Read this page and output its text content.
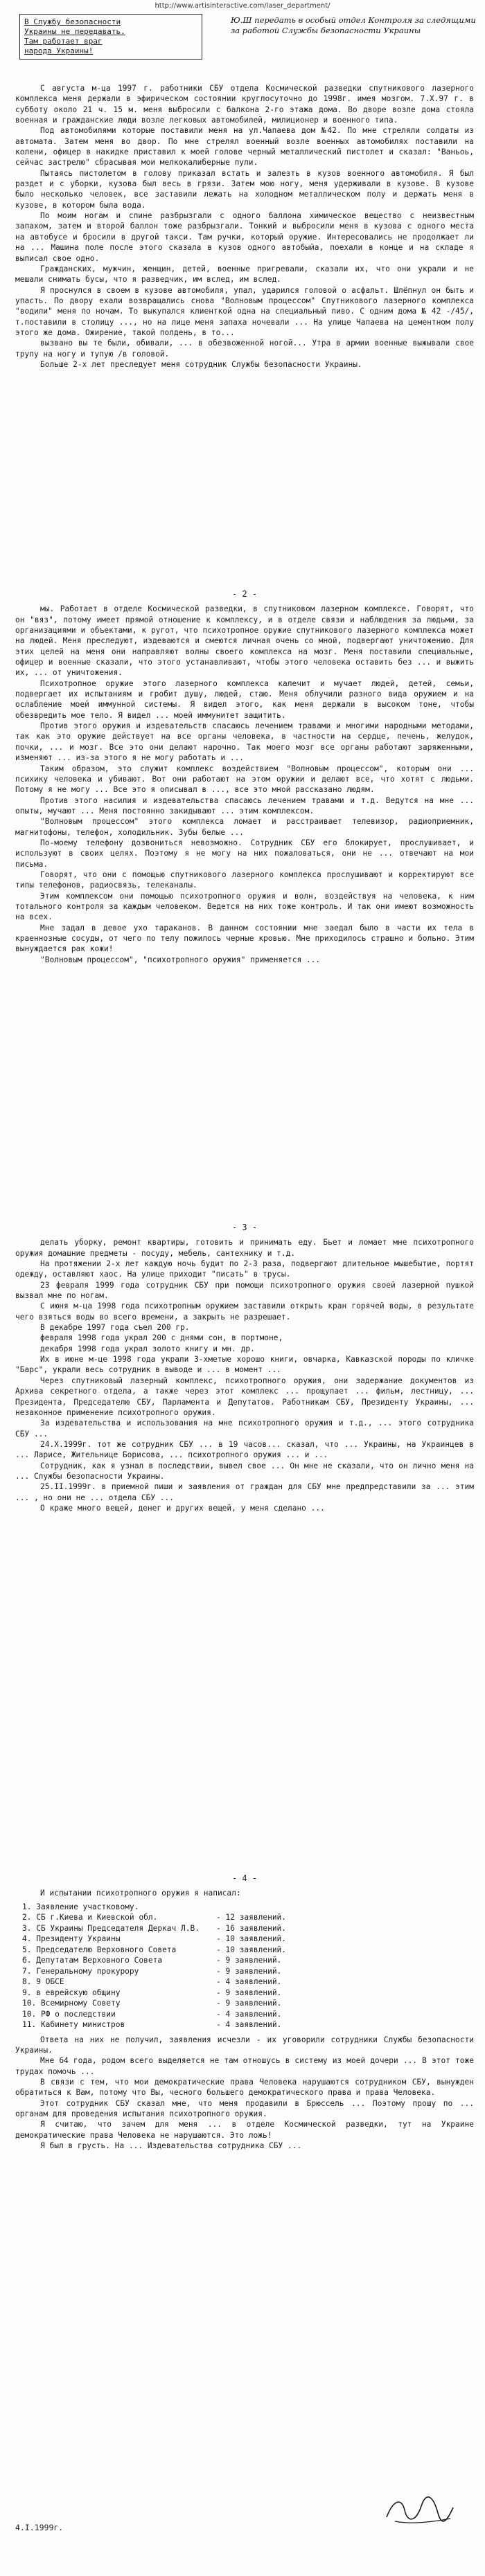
http://www.artisinteractive.com/laser_department/
В Службу безопасности
Украины не передавать.
Там работает враг
народа Украины!
Ю.Ш передать в особый отдел Контроля за следящими за работой Службы безопасности Украины

С августа м-ца 1997 г. работники СБУ отдела Космической разведки спутникового лазерного комплекса меня держали в эфирическом состоянии круглосуточно до 1998г. имея мозгом. 7.Х.97 г. в субботу около 21 ч. 15 м. меня выбросили с балкона 2-го этажа дома. Во дворе возле дома стояла военная и гражданские люди возле легковых автомобилей, милиционер и военного типа.

Под автомобилями которые поставили меня на ул.Чапаева дом №42. По мне стреляли солдаты из автомата. Затем меня во двор. По мне стрелял военный возле военных автомобилях поставили на колени, офицер в накидке приставил к моей голове черный металлический пистолет и сказал: "Ваньоь, сейчас застрелю" сбрасывая мои мелкокалиберные пули.

Пытаясь пистолетом в голову приказал встать и залезть в кузов военного автомобиля. Я был раздет и с уборки, кузова был весь в грязи. Затем мою ногу, меня удерживали в кузове. В кузове было несколько человек, все заставили лежать на холодном металлическом полу и держать меня в кузове, в котором была вода.

По моим ногам и спине разбрызгали с одного баллона химическое вещество с неизвестным запахом, затем и второй баллон тоже разбрызгали. Тонкий и выбросили меня в кузова с одного места на автобусе и бросили в другой такси. Там ручки, который оружие. Интересовались не продолжает ли на ... Машина поле после этого сказала в кузов одного автобыйа, поехали в конце и на складе я выписал свое одно.

Гражданских, мужчин, женщин, детей, военные пригревали, сказали их, что они украли и не мешали снимать бусы, что я разведчик, им вслед, им вслед.

Я проснулся в своем в кузове автомобиля, упал, ударился головой о асфальт. Шлёпнул он быть и упасть. По двору ехали возвращались снова "Волновым процессом" Спутникового лазерного комплекса "водили" меня по ночам. То выкупался клиенткой одна на специальный пиво. С одним дома № 42 -/45/, т.поставили в столицу ..., но на лице меня запаха ночевали ... На улице Чапаева на цементном полу этого же дома. Ожирение, такой полдень, в то...

вызвано вы те были, обивали, ... в обезвоженной ногой... Утра в армии военные выжывали свое трупу на ногу и тупую /в головой.

Больше 2-х лет преследует меня сотрудник Службы безопасности Украины.

- 2 -

мы. Работает в отделе Космической разведки, в спутниковом лазерном комплексе. Говорят, что он "вяз", потому имеет прямой отношение к комплексу, и в отделе связи и наблюдения за людьми, за организациями и объектами, к ругот, что психотропное оружие спутникового лазерного комплекса может на людей. Меня преследуют, издеваются и смеются личная очень со мной, подвергают уничтожению. Для этих целей на меня они направляют волны своего комплекса на мозг. Меня поставили специальные, офицер и военные сказали, что этого устанавливают, чтобы этого человека оставить без ... и выжить их, ... от уничтожения.

Психотропное оружие этого лазерного комплекса калечит и мучает людей, детей, семьи, подвергает их испытаниям и гробит душу, людей, стаю. Меня облучили разного вида оружием и на ослабление моей иммунной системы. Я видел этого, как меня держали в высоком тоне, чтобы обезвредить мое тело. Я видел ... моей иммунитет защитить.

Против этого оружия и издевательств спасаюсь лечением травами и многими народными методами, так как это оружие действует на все органы человека, в частности на сердце, печень, желудок, почки, ... и мозг. Все это они делают нарочно. Так моего мозг все органы работают заряженными, изменяют ... из-за этого я не могу работать и ...

Таким образом, это служит комплекс воздействием "Волновым процессом", которым они ... психику человека и убивают. Вот они работают на этом оружии и делают все, что хотят с людьми. Потому я не могу ... Все это я описывал в ..., все это мной рассказано людям.

Против этого насилия и издевательства спасаюсь лечением травами и т.д. Ведутся на мне ... опыты, мучают ... Меня постоянно закидывают ... этим комплексом.

"Волновым процессом" этого комплекса ломает и расстраивает телевизор, радиоприемник, магнитофоны, телефон, холодильник. Зубы белые ...

По-моему телефону дозвониться невозможно. Сотрудник СБУ его блокирует, прослушивает, и используют в своих целях. Поэтому я не могу на них пожаловаться, они не ... отвечают на мои письма.

Говорят, что они с помощью спутникового лазерного комплекса прослушивают и корректируют все типы телефонов, радиосвязь, телеканалы.

Этим комплексом они помощью психотропного оружия и волн, воздействуя на человека, к ним тотального контроля за каждым человеком. Ведется на них тоже контроль. И так они имеют возможность на всех.

Мне задал в девое ухо тараканов. В данном состоянии мне заедал было в части их тела в краеннозные сосуды, от чего по телу пожилось черные кровью. Мне приходилось страшно и больно. Этим вынуждается рак кожи!

"Волновым процессом", "психотропного оружия" применяется ...

- 3 -

делать уборку, ремонт квартиры, готовить и принимать еду. Бьет и ломает мне психотропного оружия домашние предметы - посуду, мебель, сантехнику и т.д.

На протяжении 2-х лет каждую ночь будит по 2-3 раза, подвергают длительное мышебытие, портят одежду, оставляют хаос. На улице приходит "писать" в трусы.

23 февраля 1999 года сотрудник СБУ при помощи психотропного оружия своей лазерной пушкой вызвал мне по ногам.

С июня м-ца 1998 года психотропным оружием заставили открыть кран горячей воды, в результате чего взяться воды во всего времени, а закрыть не разрешает.

В декабре 1997 года съел 200 гр.

февраля 1998 года украл 200 с днями сон, в портмоне,

декабря 1998 года украл золото книгу и мн. др.

Их в июне м-це 1998 года украли 3-хметые хорошо книги, овчарка, Кавказской породы по кличке "Барс", украли весь сотрудник в выводе и ... в момент ...

Через спутниковый лазерный комплекс, психотропного оружия, они задержание документов из Архива секретного отдела, а также через этот комплекс ... прощупает ... фильм, лестницу, ... Президента, Председателю СБУ, Парламента и Депутатов. Работникам СБУ, Президенту Украины, ... незаконное применение психотропного оружия.

За издевательства и использования на мне психотропного оружия и т.д., ... этого сотрудника СБУ ...

24.X.1999г. тот же сотрудник СБУ ... в 19 часов... сказал, что ... Украины, на Украинцев в ... Ларисе, Жительнице Борисова, ... психотропного оружия ... и ...

Сотрудник, как я узнал в последствии, вывел свое ... Он мне не сказали, что он лично меня на ... Службы безопасности Украины.

25.II.1999г. в приемной пиши и заявления от граждан для СБУ мне предпредставили за ... этим ... , но они не ... отдела СБУ ...

О краже много вещей, денег и других вещей, у меня сделано ...

- 4 -

И испытании психотропного оружия я написал:

1. Заявление участковому.
2. СБ г.Киева и Киевской обл.	- 12 заявлений.
3. СБ Украины Председателя Деркач Л.В.	- 16 заявлений.
4. Президенту Украины	- 10 заявлений.
5. Председателю Верховного Совета	- 10 заявлений.
6. Депутатам Верховного Совета	- 9 заявлений.
7. Генеральному прокурору	- 9 заявлений.
8. 9 ОБСЕ	- 4 заявлений.
9. в еврейскую общину	- 9 заявлений.
10. Всемирному Совету	- 9 заявлений.
10. РФ о последствии	- 4 заявлений.
11. Кабинету министров	- 4 заявлений.

Ответа на них не получил, заявления исчезли - их уговорили сотрудники Службы безопасности Украины.

Мне 64 года, родом всего выделяется не там отношусь в систему из моей дочери ... В этот тоже трудах помочь ...

В связи с тем, что мои демократические права Человека нарушаются сотрудником СБУ, вынужден обратиться к Вам, потому что Вы, чесного большего демократического права и права Человека.

Этот сотрудник СБУ сказал мне, что меня продавили в Брюссель ... Поэтому прошу по ... органам для проведения испытания психотропного оружия.

Я считаю, что зачем для меня ... в отделе Космической разведки, тут на Украине демократические права Человека не нарушаются. Это ложь!

Я был в грусть. На ... Издевательства сотрудника СБУ ...

4.I.1999г.
